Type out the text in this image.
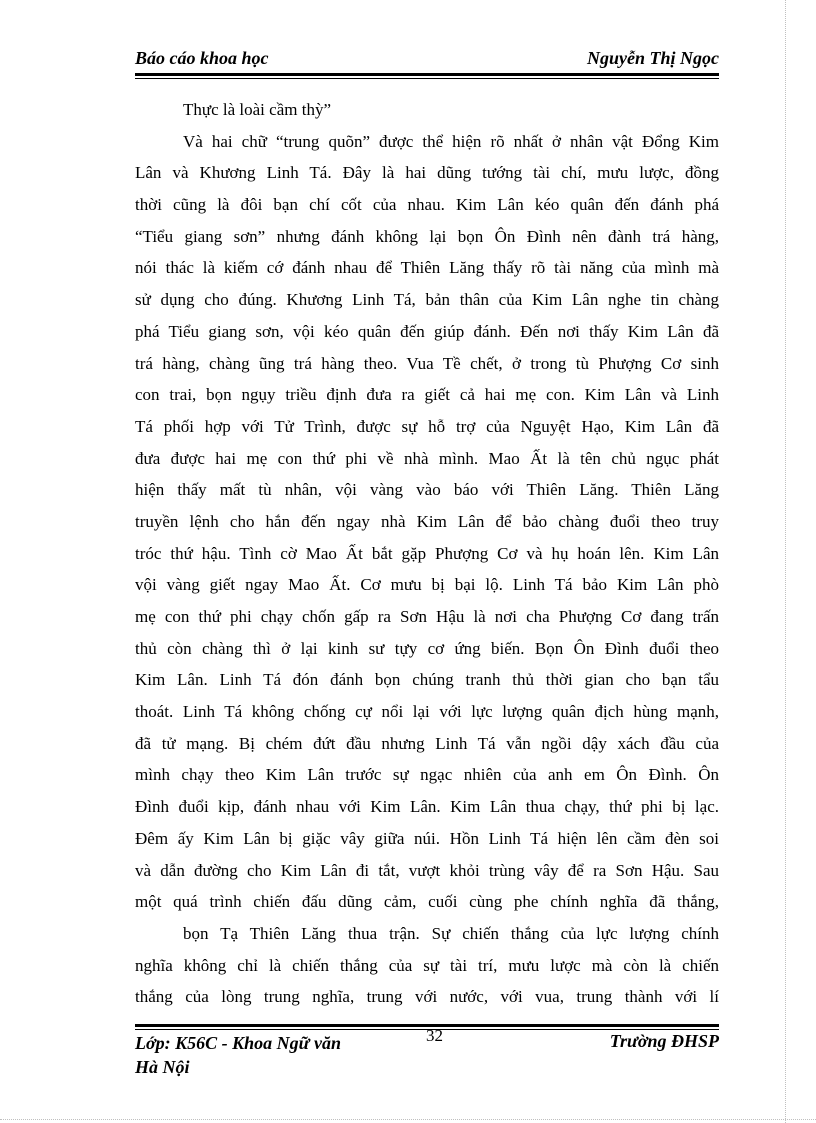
Báo cáo khoa học	Nguyễn Thị Ngọc
Thực là loài cầm thỳ”
Và hai chữ “trung quõn” được thể hiện rõ nhất ở nhân vật Đổng Kim
Lân và Khương Linh Tá. Đây là hai dũng tướng tài chí, mưu lược, đồng
thời cũng là đôi bạn chí cốt của nhau. Kim Lân kéo quân đến đánh phá
“Tiểu giang sơn” nhưng đánh không lại bọn Ôn Đình nên đành trá hàng,
nói thác là kiếm cớ đánh nhau để Thiên Lăng thấy rõ tài năng của mình mà
sử dụng cho đúng. Khương Linh Tá, bản thân của Kim Lân nghe tin chàng
phá Tiểu giang sơn, vội kéo quân đến giúp đánh. Đến nơi thấy Kim Lân đã
trá hàng, chàng ũng trá hàng theo. Vua Tề chết, ở trong tù Phượng Cơ sinh
con trai, bọn ngụy triều định đưa ra giết cả hai mẹ con. Kim Lân và Linh
Tá phối hợp với Tử Trình, được sự hỗ trợ của Nguyệt Hạo, Kim Lân đã
đưa được hai mẹ con thứ phi về nhà mình. Mao Ất là tên chủ ngục phát
hiện thấy mất tù nhân, vội vàng vào báo với Thiên Lăng. Thiên Lăng
truyền lệnh cho hắn đến ngay nhà Kim Lân để bảo chàng đuổi theo truy
tróc thứ hậu. Tình cờ Mao Ất bắt gặp Phượng Cơ và hụ hoán lên. Kim Lân
vội vàng giết ngay Mao Ất. Cơ mưu bị bại lộ. Linh Tá bảo Kim Lân phò
mẹ con thứ phi chạy chốn gấp ra Sơn Hậu là nơi cha Phượng Cơ đang trấn
thủ còn chàng thì ở lại kinh sư tựy cơ ứng biến. Bọn Ôn Đình đuổi theo
Kim Lân. Linh Tá đón đánh bọn chúng tranh thủ thời gian cho bạn tẩu
thoát. Linh Tá không chống cự nổi lại với lực lượng quân địch hùng mạnh,
đã tử mạng. Bị chém đứt đầu nhưng Linh Tá vẫn ngồi dậy xách đầu của
mình chạy theo Kim Lân trước sự ngạc nhiên của anh em Ôn Đình. Ôn
Đình đuổi kịp, đánh nhau với Kim Lân. Kim Lân thua chạy, thứ phi bị lạc.
Đêm ấy Kim Lân bị giặc vây giữa núi. Hồn Linh Tá hiện lên cầm đèn soi
và dẫn đường cho Kim Lân đi tắt, vượt khỏi trùng vây để ra Sơn Hậu. Sau
một quá trình chiến đấu dũng cảm, cuối cùng phe chính nghĩa đã thắng,
bọn Tạ Thiên Lăng thua trận. Sự chiến thắng của lực lượng chính
nghĩa không chỉ là chiến thắng của sự tài trí, mưu lược mà còn là chiến
thắng của lòng trung nghĩa, trung với nước, với vua, trung thành với lí
Lớp: K56C - Khoa Ngữ văn
Hà Nội
32	Trường ĐHSP
